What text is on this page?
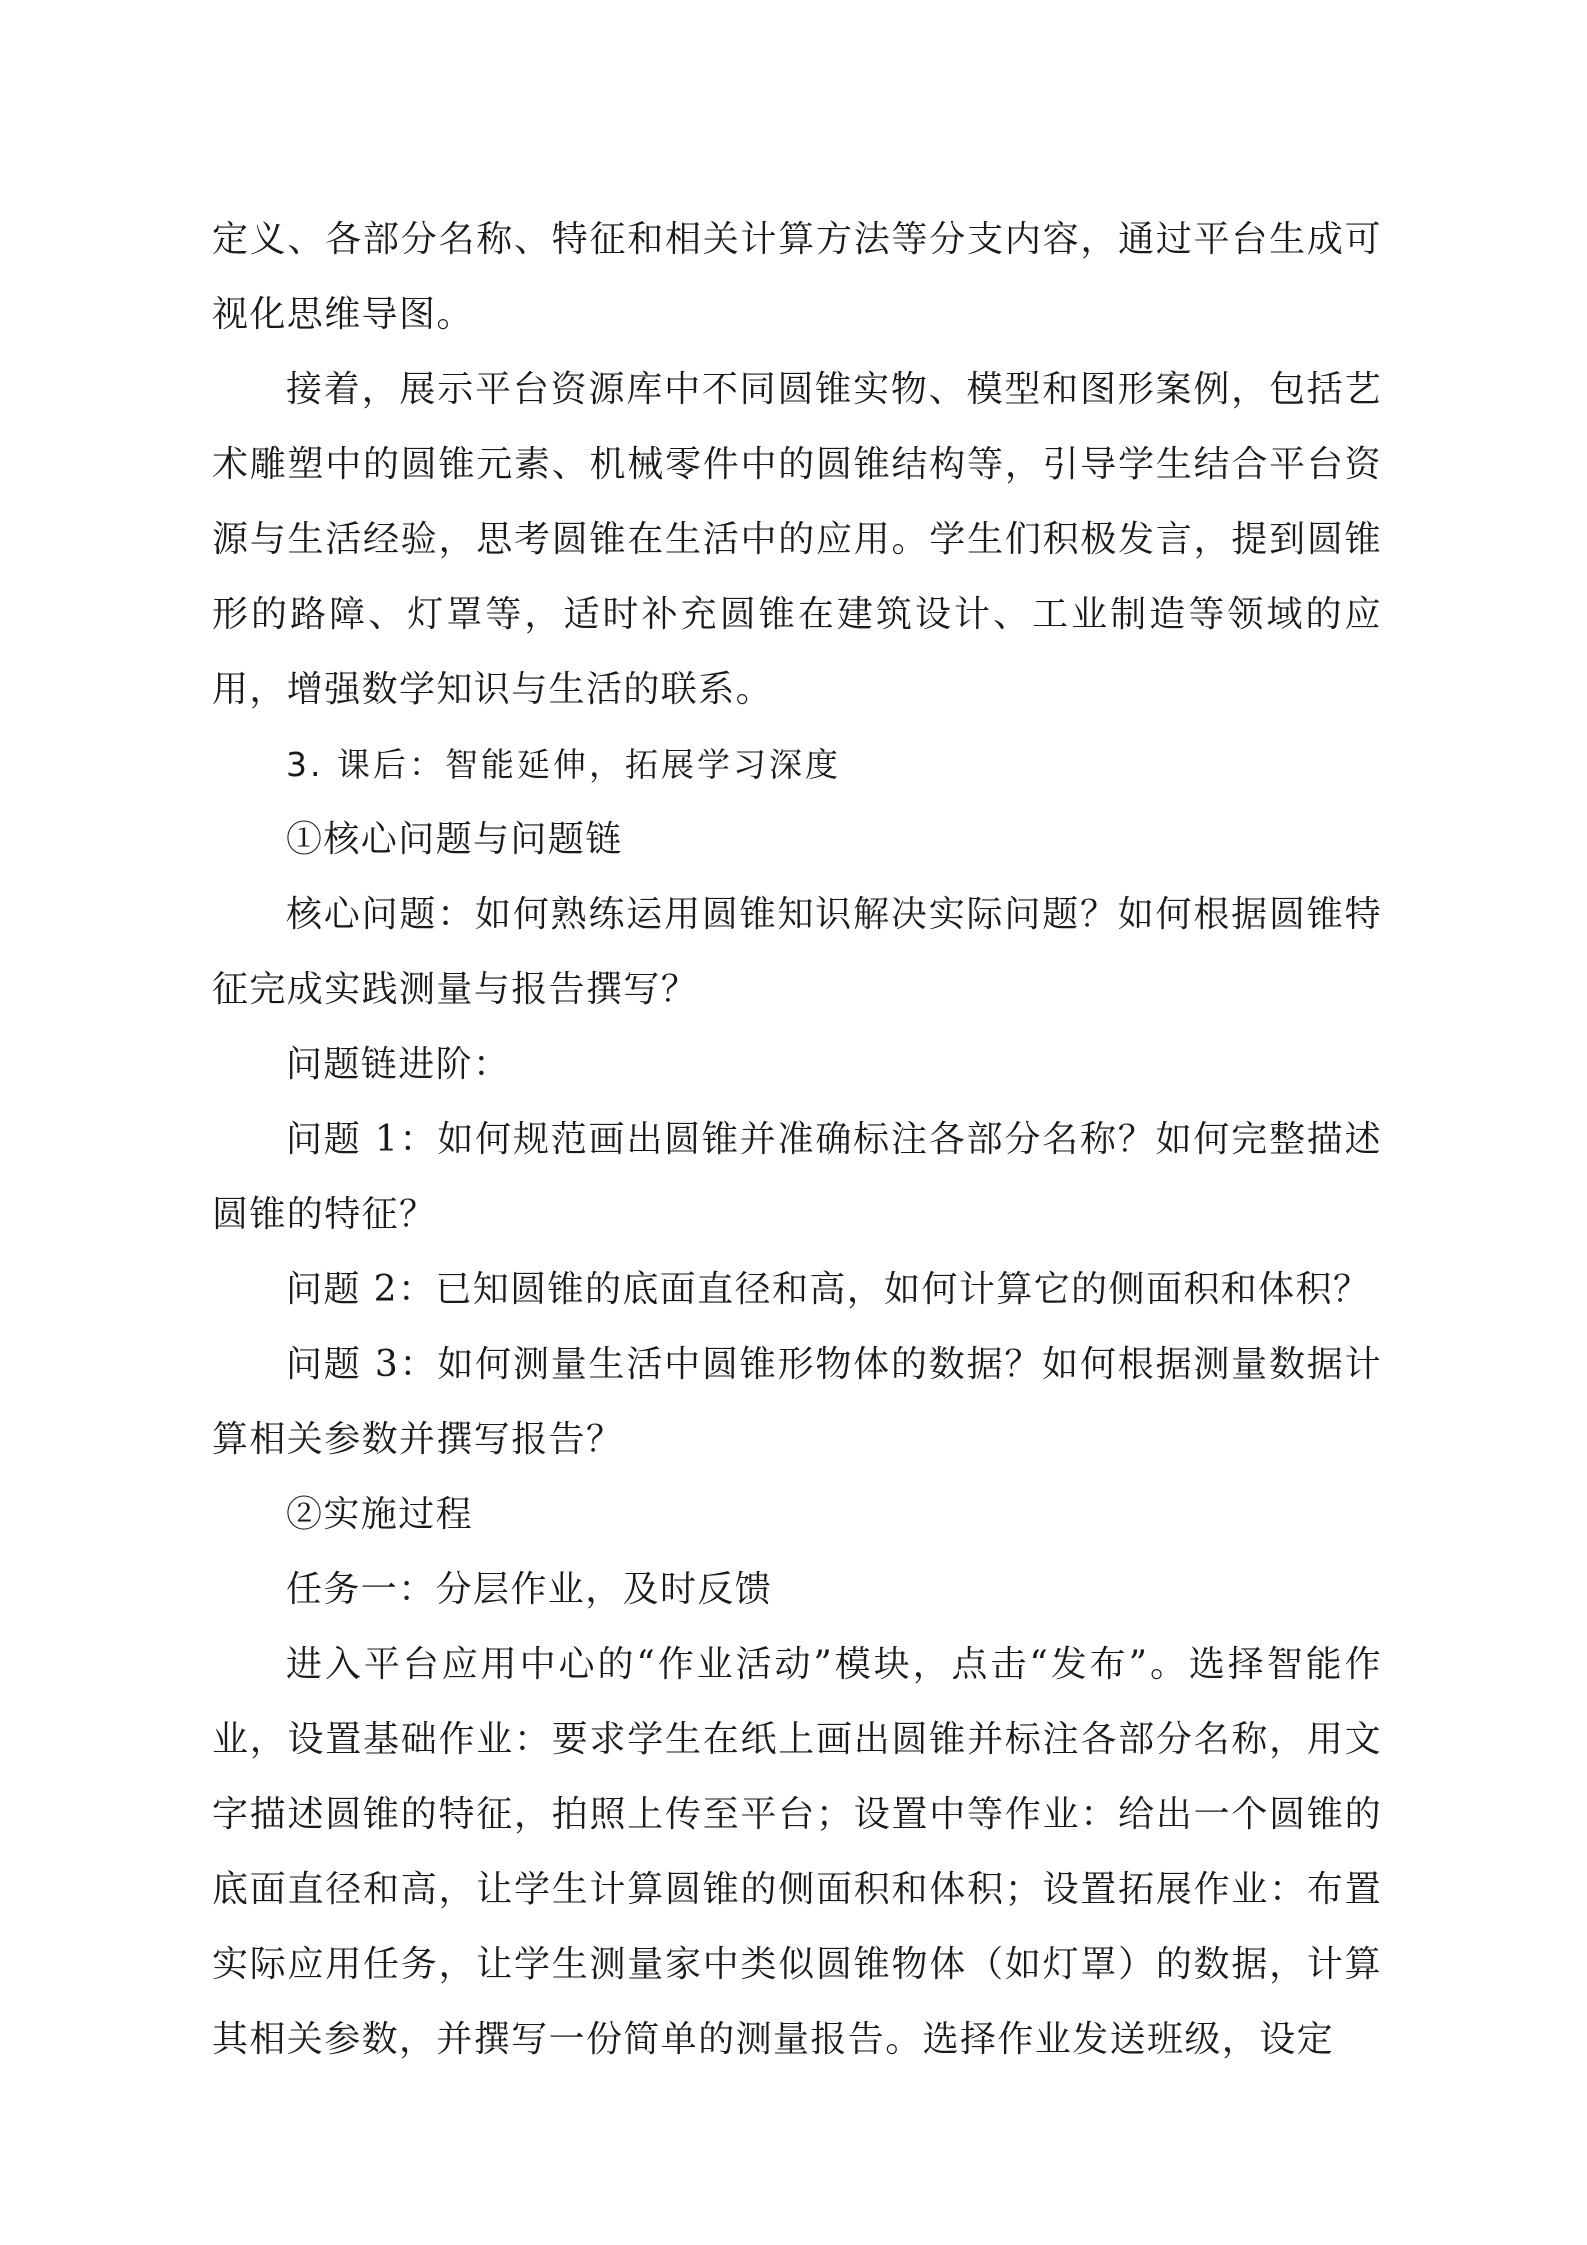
定义、各部分名称、特征和相关计算方法等分支内容，通过平台生成可视化思维导图。

接着，展示平台资源库中不同圆锥实物、模型和图形案例，包括艺术雕塑中的圆锥元素、机械零件中的圆锥结构等，引导学生结合平台资源与生活经验，思考圆锥在生活中的应用。学生们积极发言，提到圆锥形的路障、灯罩等，适时补充圆锥在建筑设计、工业制造等领域的应用，增强数学知识与生活的联系。

3. 课后：智能延伸，拓展学习深度

①核心问题与问题链

核心问题：如何熟练运用圆锥知识解决实际问题？如何根据圆锥特征完成实践测量与报告撰写？

问题链进阶：

问题 1：如何规范画出圆锥并准确标注各部分名称？如何完整描述圆锥的特征？

问题 2：已知圆锥的底面直径和高，如何计算它的侧面积和体积？

问题 3：如何测量生活中圆锥形物体的数据？如何根据测量数据计算相关参数并撰写报告？

②实施过程

任务一：分层作业，及时反馈

进入平台应用中心的“作业活动”模块，点击“发布”。选择智能作业，设置基础作业：要求学生在纸上画出圆锥并标注各部分名称，用文字描述圆锥的特征，拍照上传至平台；设置中等作业：给出一个圆锥的底面直径和高，让学生计算圆锥的侧面积和体积；设置拓展作业：布置实际应用任务，让学生测量家中类似圆锥物体（如灯罩）的数据，计算其相关参数，并撰写一份简单的测量报告。选择作业发送班级，设定
